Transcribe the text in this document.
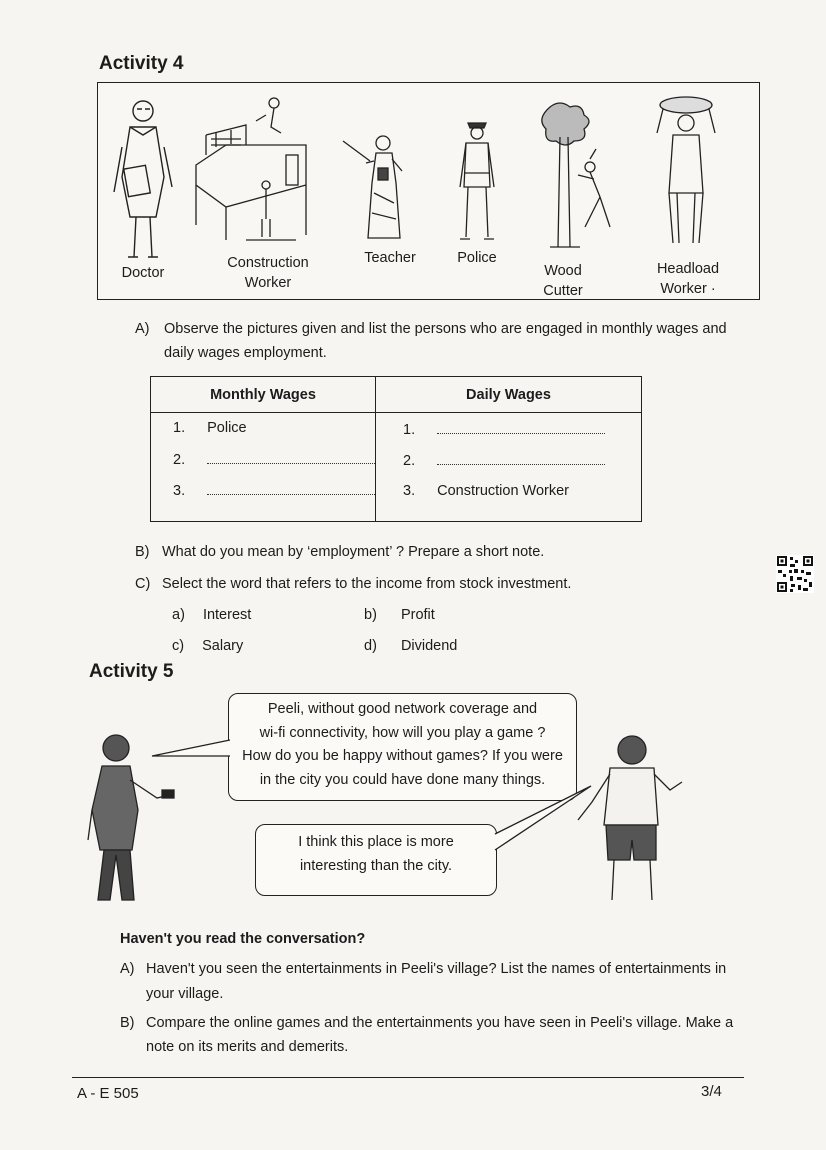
Activity 4
Doctor
Construction
Worker
Teacher	Police
Wood
Cutter
Headload
Worker ·
A) Observe the pictures given and list the persons who are engaged in monthly wages and
daily wages employment.
Monthly Wages	Daily Wages

1. Police
2.
3.
1.
2.
3. Construction Worker
B) What do you mean by ‘employment’ ? Prepare a short note.
C) Select the word that refers to the income from stock investment.
a) Interest	b) Profit
c) Salary	d) Dividend
Activity 5
Peeli, without good network coverage and
wi-fi connectivity, how will you play a game ?
How do you be happy without games? If you were
in the city you could have done many things.
I think this place is more
interesting than the city.
Haven't you read the conversation?
A) Haven't you seen the entertainments in Peeli's village? List the names of entertainments in
your village.
B) Compare the online games and the entertainments you have seen in Peeli's village. Make a
note on its merits and demerits.
A - E 505	3/4
